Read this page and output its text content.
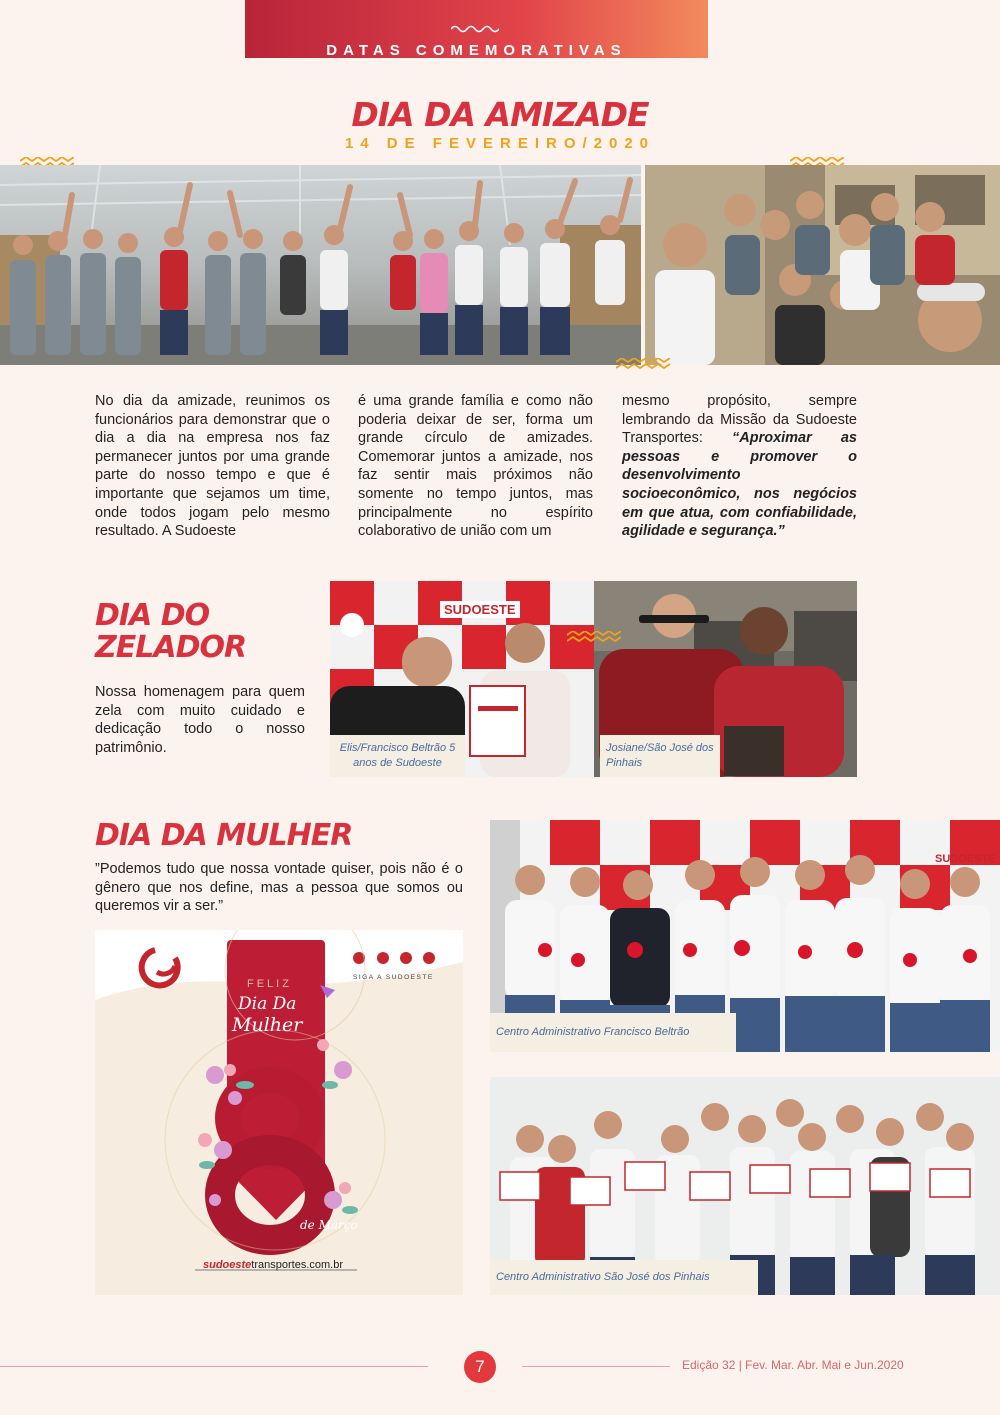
DATAS COMEMORATIVAS
DIA DA AMIZADE
14 DE FEVEREIRO/2020
No dia da amizade, reunimos os funcionários para demonstrar que o dia a dia na empresa nos faz permanecer juntos por uma grande parte do nosso tempo e que é importante que sejamos um time, onde todos jogam pelo mesmo resultado. A Sudoeste
é uma grande família e como não poderia deixar de ser, forma um grande círculo de amizades. Comemorar juntos a amizade, nos faz sentir mais próximos não somente no tempo juntos, mas principalmente no espírito colaborativo de união com um
mesmo propósito, sempre lembrando da Missão da Sudoeste Transportes: “Aproximar as pessoas e promover o desenvolvimento socioeconômico, nos negócios em que atua, com confiabilidade, agilidade e segurança.”
DIA DO
ZELADOR
Nossa homenagem para quem zela com muito cuidado e dedicação todo o nosso patrimônio.
SUDOESTE
Elis/Francisco Beltrão 5 anos de Sudoeste
Josiane/São José dos Pinhais
DIA DA MULHER
”Podemos tudo que nossa vontade quiser, pois não é o gênero que nos define, mas a pessoa que somos ou queremos vir a ser.”
SIGA A SUDOESTE
FELIZ
Dia Da
Mulher
de Março
sudoestetransportes.com.br
SUDOESTE
Centro Administrativo Francisco Beltrão
Centro Administrativo São José dos Pinhais
7	Edição 32 | Fev. Mar. Abr. Mai e Jun.2020
